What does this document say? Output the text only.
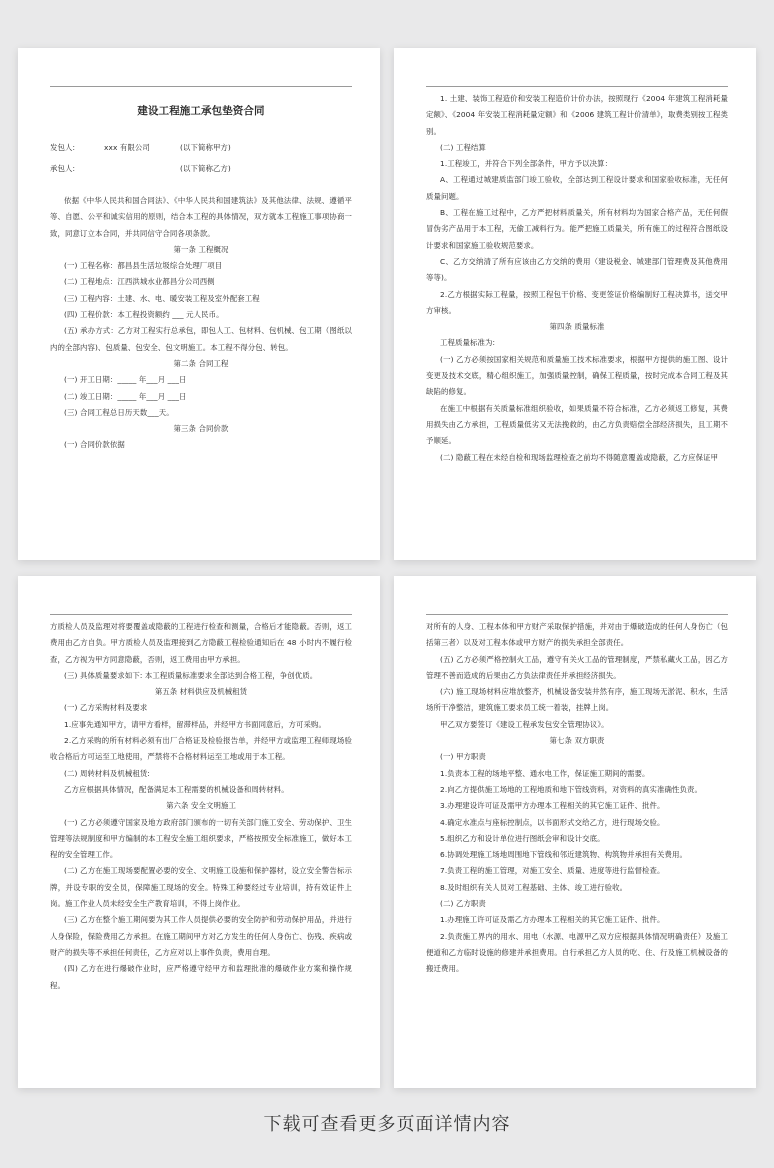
建设工程施工承包垫资合同
发包人:	xxx 有限公司	(以下简称甲方)
承包人:	(以下简称乙方)

依据《中华人民共和国合同法》、《中华人民共和国建筑法》及其他法律、法规、遵循平等、自愿、公平和诚实信用的原则，结合本工程的具体情况，双方就本工程施工事项协商一致，同意订立本合同，并共同信守合同各项条款。

第一条 工程概况

(一) 工程名称：都昌县生活垃圾综合处理厂项目

(二) 工程地点：江西洪城水业都昌分公司西侧

(三) 工程内容：土建、水、电、暖安装工程及室外配套工程

(四) 工程价款：本工程投资额约 ___ 元人民币。

(五) 承办方式：乙方对工程实行总承包，即包人工、包材料、包机械、包工期（图纸以内的全部内容)、包质量、包安全、包文明施工。本工程不得分包、转包。

第二条 合同工程

(一) 开工日期：_____ 年___月 ___日

(二) 竣工日期：_____ 年___月 ___日

(三) 合同工程总日历天数___天。

第三条 合同价款

(一) 合同价款依据

1. 土建、装饰工程造价和安装工程造价计价办法，按照现行《2004 年建筑工程消耗量定额》、《2004 年安装工程消耗量定额》和《2006 建筑工程计价清单》，取费类别按工程类别。

(二) 工程结算

1.工程竣工，并符合下列全部条件，甲方予以决算：

A、工程通过城建质监部门竣工验收，全部达到工程设计要求和国家验收标准，无任何质量问题。

B、工程在施工过程中，乙方严把材料质量关，所有材料均为国家合格产品，无任何假冒伪劣产品用于本工程，无偷工减料行为。能严把施工质量关，所有施工的过程符合图纸设计要求和国家施工验收规范要求。

C、乙方交纳清了所有应该由乙方交纳的费用（建设税金、城建部门管理费及其他费用等等)。

2.乙方根据实际工程量，按照工程包干价格、变更签证价格编制好工程决算书，送交甲方审核。

第四条 质量标准

工程质量标准为:

(一) 乙方必须按国家相关规范和质量施工技术标准要求，根据甲方提供的施工图、设计变更及技术交底，精心组织施工，加强质量控制，确保工程质量，按时完成本合同工程及其缺陷的修复。

在施工中根据有关质量标准组织验收，如果质量不符合标准，乙方必须返工修复，其费用损失由乙方承担，工程质量低劣又无法挽救的，由乙方负责赔偿全部经济损失，且工期不予顺延。

(二) 隐蔽工程在未经自检和现场监理检查之前均不得随意覆盖或隐蔽，乙方应保证甲

方质检人员及监理对将要覆盖或隐蔽的工程进行检查和测量，合格后才能隐蔽。否则，返工费用由乙方自负。甲方质检人员及监理接到乙方隐蔽工程检验通知后在 48 小时内不履行检查，乙方视为甲方同意隐蔽，否则，返工费用由甲方承担。

(三) 具体质量要求如下: 本工程质量标准要求全部达到合格工程，争创优质。

第五条 材料供应及机械租赁

(一) 乙方采购材料及要求

1.应事先通知甲方，请甲方看样，留滞样品，并经甲方书面同意后，方可采购。

2.乙方采购的所有材料必须有出厂合格证及检验报告单，并经甲方或监理工程师现场验收合格后方可运至工地使用，严禁将不合格材料运至工地或用于本工程。

(二) 周转材料及机械租赁:

乙方应根据具体情况，配备满足本工程需要的机械设备和周转材料。

第六条 安全文明施工

(一) 乙方必须遵守国家及地方政府部门颁布的一切有关部门施工安全、劳动保护、卫生管理等法规制度和甲方编制的本工程安全施工组织要求，严格按照安全标准施工，做好本工程的安全管理工作。

(二) 乙方在施工现场要配置必要的安全、文明施工设施和保护器材，设立安全警告标示牌，并设专职的安全员，保障施工现场的安全。特殊工种要经过专业培训，持有效证件上岗。施工作业人员未经安全生产教育培训，不得上岗作业。

(三) 乙方在整个施工期间要为其工作人员提供必要的安全防护和劳动保护用品，并进行人身保险，保险费用乙方承担。在施工期间甲方对乙方发生的任何人身伤亡、伤残、疾病或财产的损失等不承担任何责任，乙方应对以上事件负责，费用自理。

(四) 乙方在进行爆破作业时，应严格遵守经甲方和监理批准的爆破作业方案和操作规程。

对所有的人身、工程本体和甲方财产采取保护措施，并对由于爆破造成的任何人身伤亡（包括第三者）以及对工程本体或甲方财产的损失承担全部责任。

(五) 乙方必须严格控制火工品，遵守有关火工品的管理制度，严禁私藏火工品，因乙方管理不善而造成的后果由乙方负法律责任并承担经济损失。

(六) 施工现场材料应堆放整齐，机械设备安装井然有序，施工现场无淤泥、积水，生活场所干净整洁，建筑施工要求员工统一着装，挂牌上岗。

甲乙双方要签订《建设工程承发包安全管理协议》。

第七条 双方职责

(一) 甲方职责

1.负责本工程的场地平整、通水电工作，保证施工期间的需要。

2.向乙方提供施工场地的工程地质和地下管线资料，对资料的真实准确性负责。

3.办理建设许可证及需甲方办理本工程相关的其它施工证件、批件。

4.确定水准点与座标控制点，以书面形式交给乙方，进行现场交验。

5.组织乙方和设计单位进行图纸会审和设计交底。

6.协调处理施工场地周围地下管线和邻近建筑物、构筑物并承担有关费用。

7.负责工程的施工管理，对施工安全、质量、进度等进行监督检查。

8.及时组织有关人员对工程基础、主体、竣工进行验收。

(二) 乙方职责

1.办理施工许可证及需乙方办理本工程相关的其它施工证件、批件。

2.负责施工界内的用水、用电（水源、电源甲乙双方应根据具体情况明确责任）及施工便道和乙方临时设施的修建并承担费用。自行承担乙方人员的吃、住、行及施工机械设备的搬迁费用。

下载可查看更多页面详情内容
